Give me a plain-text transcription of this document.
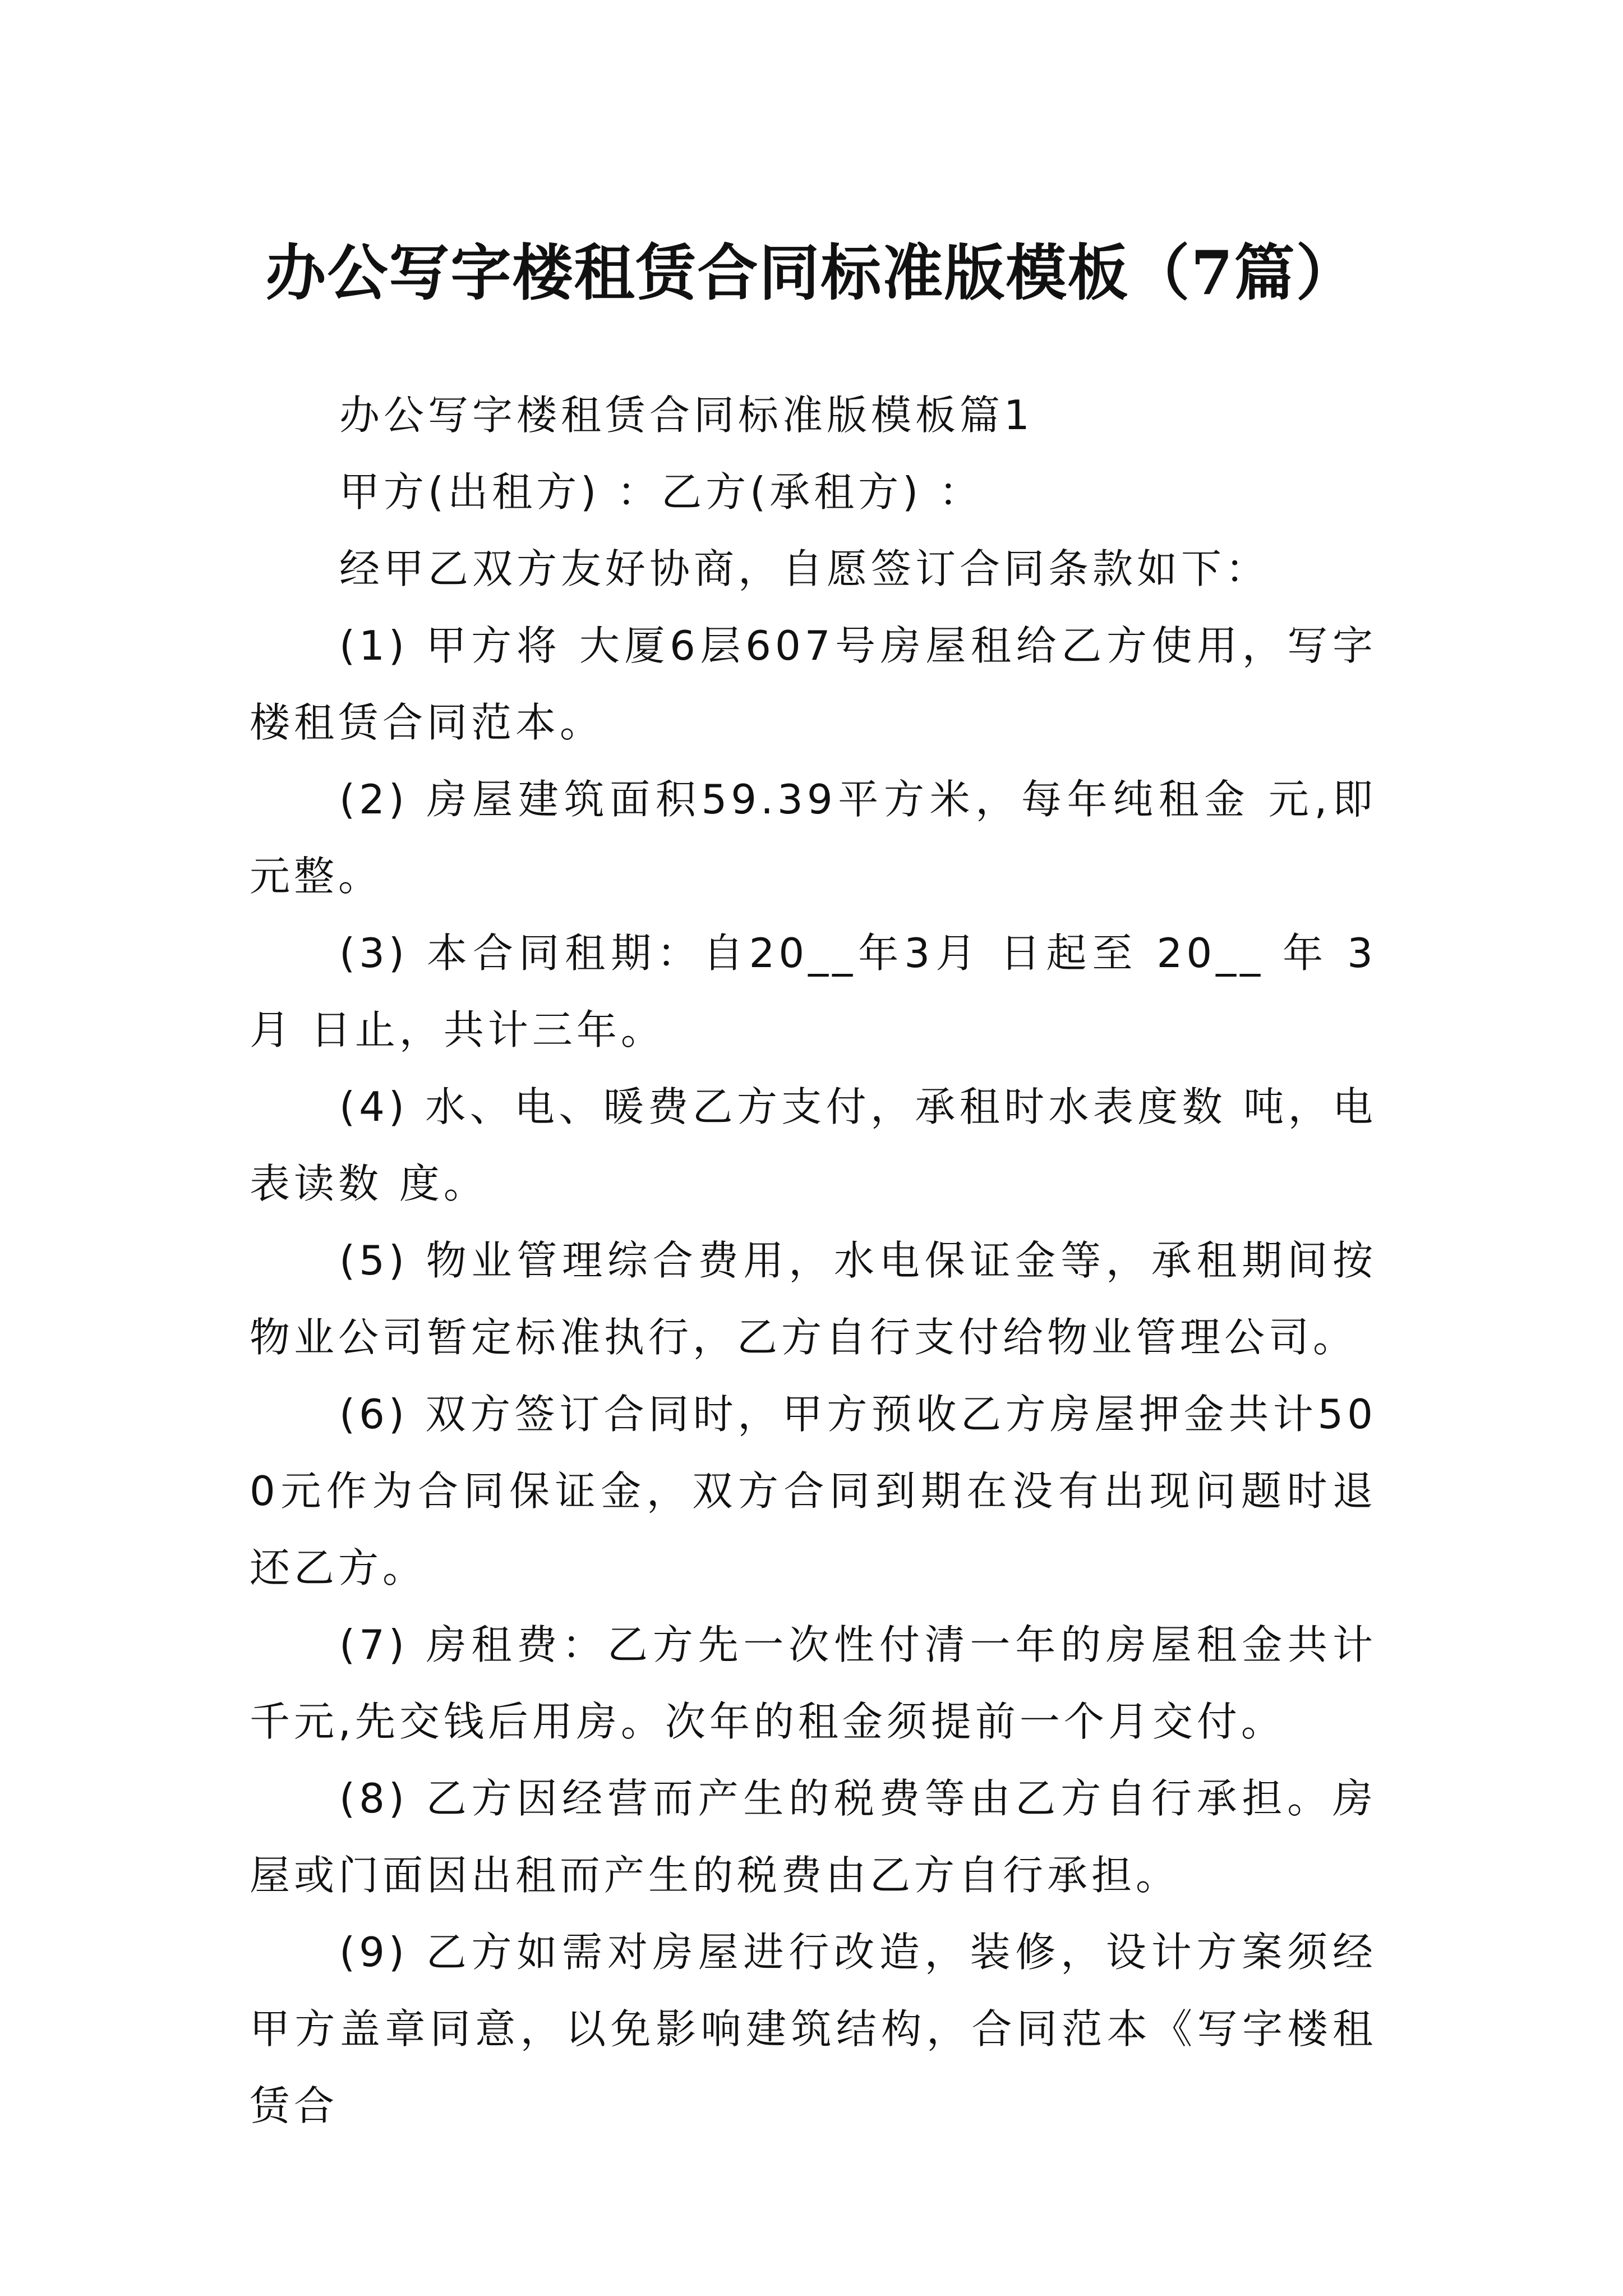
办公写字楼租赁合同标准版模板（7篇）

办公写字楼租赁合同标准版模板篇1

甲方(出租方) ：乙方(承租方) ：

经甲乙双方友好协商，自愿签订合同条款如下：

(1) 甲方将 大厦6层607号房屋租给乙方使用，写字楼租赁合同范本。

(2) 房屋建筑面积59.39平方米，每年纯租金 元,即 元整。

(3) 本合同租期：自20__年3月 日起至 20__ 年 3月 日止，共计三年。

(4) 水、电、暖费乙方支付，承租时水表度数 吨，电表读数 度。

(5) 物业管理综合费用，水电保证金等，承租期间按物业公司暂定标准执行，乙方自行支付给物业管理公司。

(6) 双方签订合同时，甲方预收乙方房屋押金共计500元作为合同保证金，双方合同到期在没有出现问题时退还乙方。

(7) 房租费：乙方先一次性付清一年的房屋租金共计 千元,先交钱后用房。次年的租金须提前一个月交付。

(8) 乙方因经营而产生的税费等由乙方自行承担。房屋或门面因出租而产生的税费由乙方自行承担。

(9) 乙方如需对房屋进行改造，装修，设计方案须经甲方盖章同意，以免影响建筑结构，合同范本《写字楼租赁合
